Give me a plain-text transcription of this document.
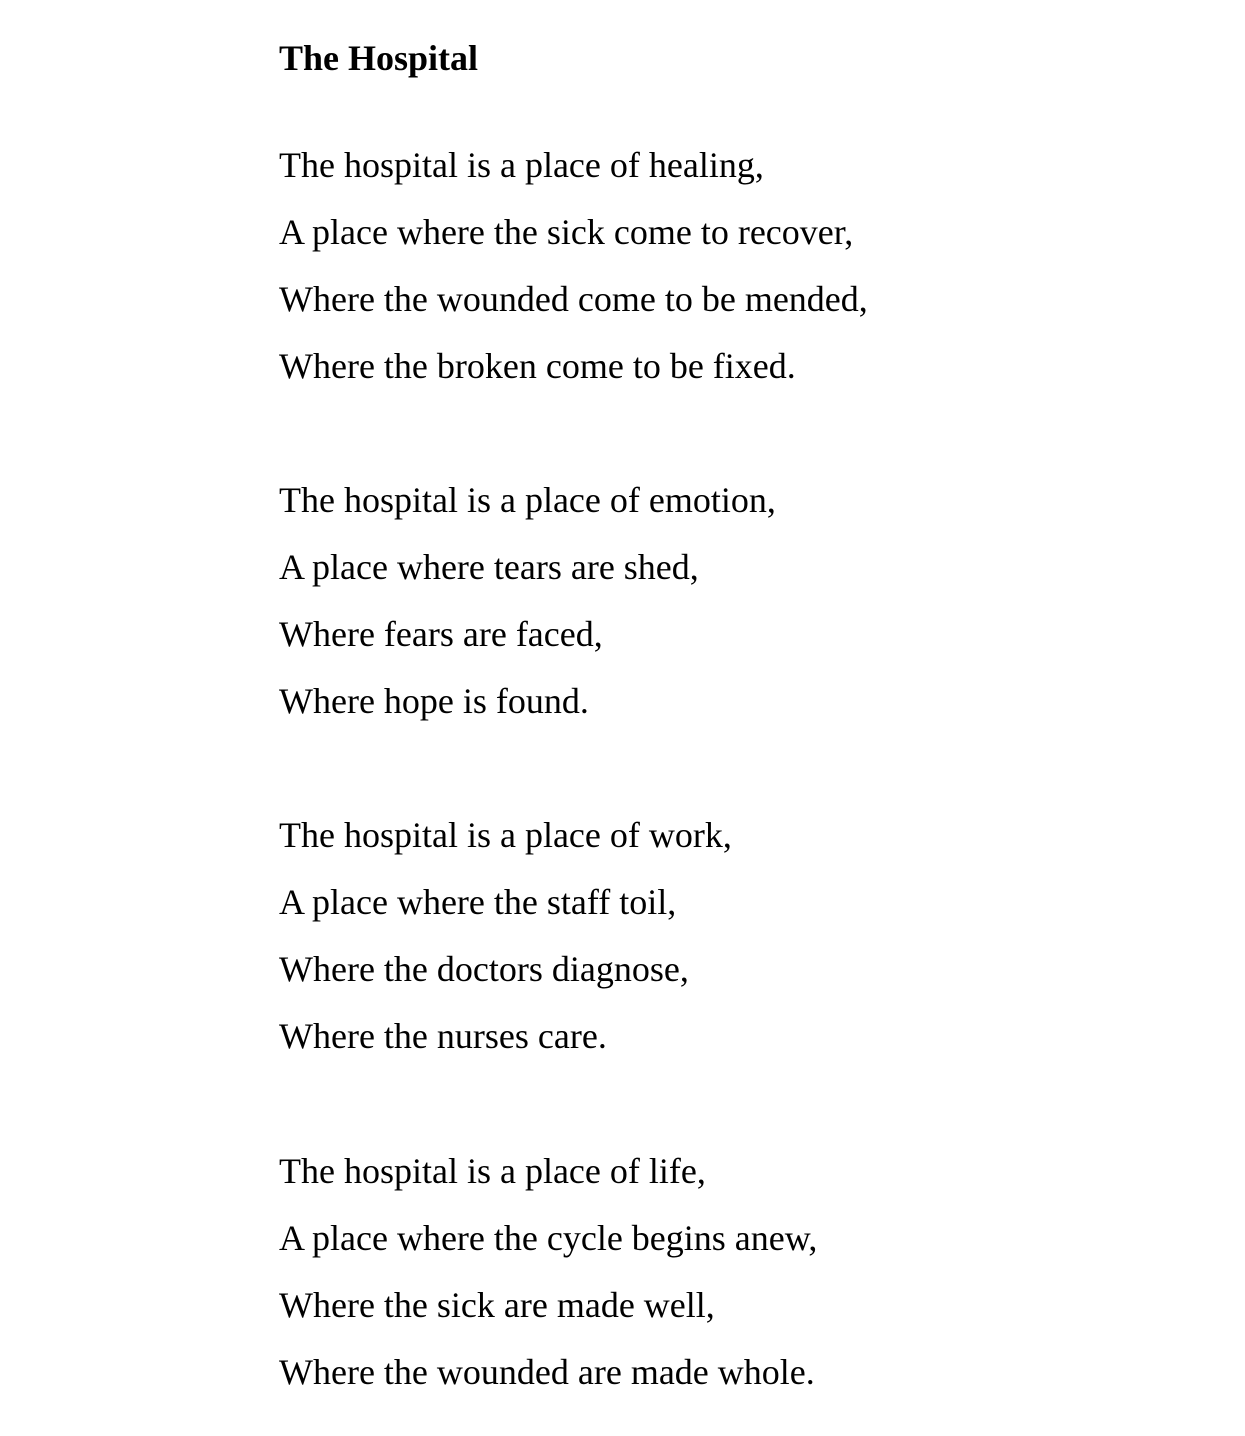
The Hospital
The hospital is a place of healing,
A place where the sick come to recover,
Where the wounded come to be mended,
Where the broken come to be fixed.
The hospital is a place of emotion,
A place where tears are shed,
Where fears are faced,
Where hope is found.
The hospital is a place of work,
A place where the staff toil,
Where the doctors diagnose,
Where the nurses care.
The hospital is a place of life,
A place where the cycle begins anew,
Where the sick are made well,
Where the wounded are made whole.
